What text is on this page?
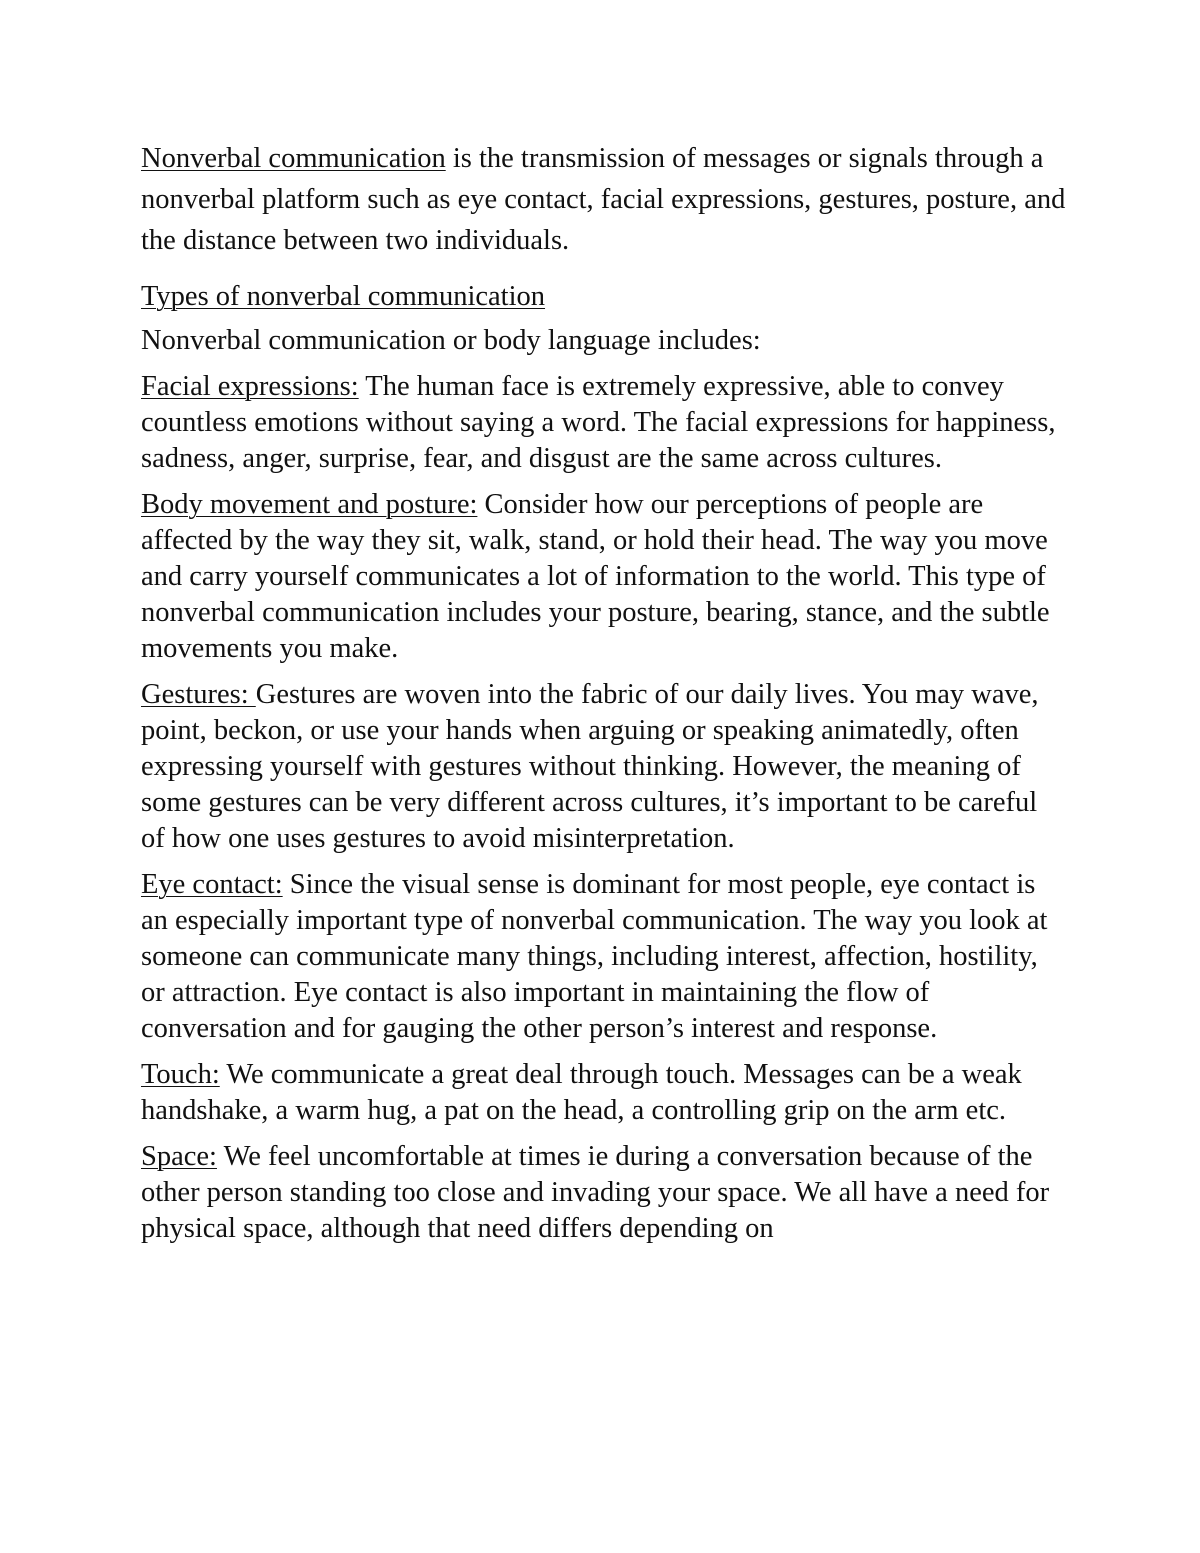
Nonverbal communication is the transmission of messages or signals through a nonverbal platform such as eye contact, facial expressions, gestures, posture, and the distance between two individuals.

Types of nonverbal communication

Nonverbal communication or body language includes:

Facial expressions: The human face is extremely expressive, able to convey countless emotions without saying a word. The facial expressions for happiness, sadness, anger, surprise, fear, and disgust are the same across cultures.

Body movement and posture: Consider how our perceptions of people are affected by the way they sit, walk, stand, or hold their head. The way you move and carry yourself communicates a lot of information to the world. This type of nonverbal communication includes your posture, bearing, stance, and the subtle movements you make.

Gestures: Gestures are woven into the fabric of our daily lives. You may wave, point, beckon, or use your hands when arguing or speaking animatedly, often expressing yourself with gestures without thinking. However, the meaning of some gestures can be very different across cultures, it’s important to be careful of how one uses gestures to avoid misinterpretation.

Eye contact: Since the visual sense is dominant for most people, eye contact is an especially important type of nonverbal communication. The way you look at someone can communicate many things, including interest, affection, hostility, or attraction. Eye contact is also important in maintaining the flow of conversation and for gauging the other person’s interest and response.

Touch: We communicate a great deal through touch. Messages can be a weak handshake, a warm hug, a pat on the head, a controlling grip on the arm etc.

Space: We feel uncomfortable at times ie during a conversation because of the other person standing too close and invading your space. We all have a need for physical space, although that need differs depending on
